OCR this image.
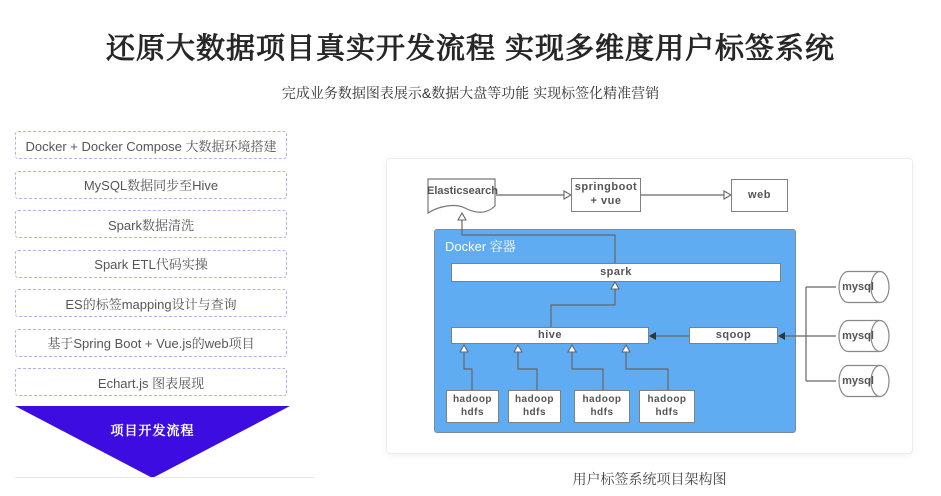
还原大数据项目真实开发流程 实现多维度用户标签系统
完成业务数据图表展示&数据大盘等功能 实现标签化精准营销
Docker + Docker Compose 大数据环境搭建
MySQL数据同步至Hive
Spark数据清洗
Spark ETL代码实操
ES的标签mapping设计与查询
基于Spring Boot + Vue.js的web项目
Echart.js 图表展现
项目开发流程
Docker 容器
Elasticsearch	springboot
+ vue
web
spark
hive	sqoop
hadoop
hdfs
hadoop
hdfs
hadoop
hdfs
hadoop
hdfs
mysql
mysql
mysql
用户标签系统项目架构图
